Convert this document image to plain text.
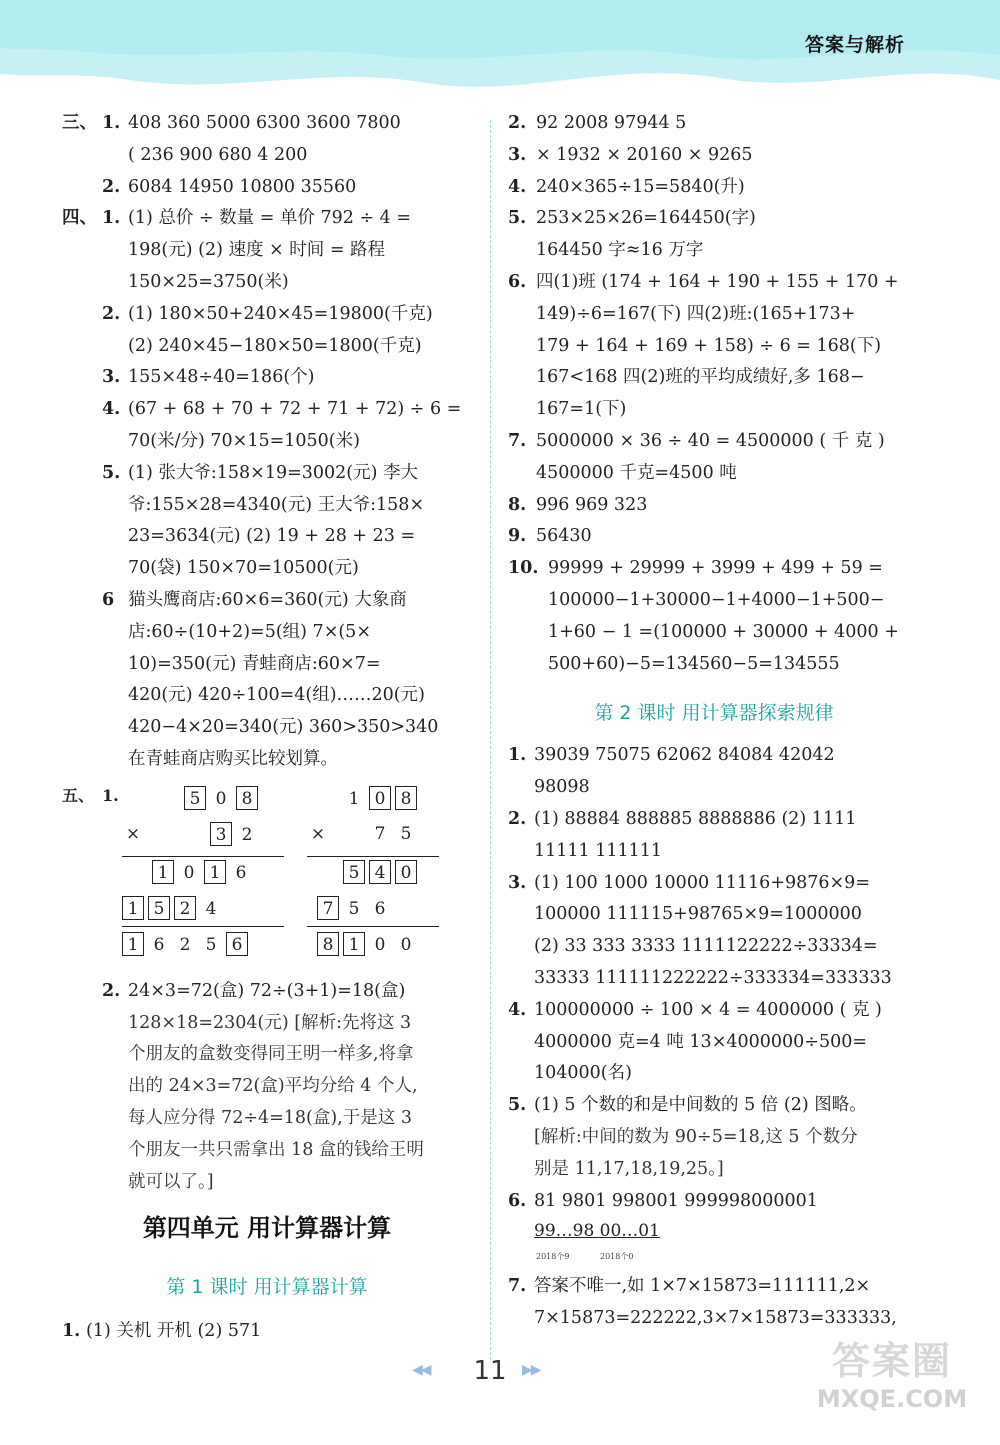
答案与解析
三、 1. 408 360 5000 6300 3600 7800
( 236 900 680 4 200
2. 6084 14950 10800 35560
四、 1. (1) 总价 ÷ 数量 = 单价 792 ÷ 4 =
198(元) (2) 速度 × 时间 = 路程
150×25=3750(米)
2. (1) 180×50+240×45=19800(千克)
(2) 240×45−180×50=1800(千克)
3. 155×48÷40=186(个)
4. (67 + 68 + 70 + 72 + 71 + 72) ÷ 6 =
70(米/分) 70×15=1050(米)
5. (1) 张大爷:158×19=3002(元) 李大
爷:155×28=4340(元) 王大爷:158×
23=3634(元) (2) 19 + 28 + 23 =
70(袋) 150×70=10500(元)
6 猫头鹰商店:60×6=360(元) 大象商
店:60÷(10+2)=5(组) 7×(5×
10)=350(元) 青蛙商店:60×7=
420(元) 420÷100=4(组)……20(元)
420−4×20=340(元) 360>350>340
在青蛙商店购买比较划算。
五、 1.	5 0 8
×	3 2
1 0 1 6
1 5 2 4
1 6 2 5 6
1 0 8
×	7 5
5 4 0
7 5 6
8 1 0 0
2. 24×3=72(盒) 72÷(3+1)=18(盒)
128×18=2304(元) [解析:先将这 3
个朋友的盒数变得同王明一样多,将拿
出的 24×3=72(盒)平均分给 4 个人,
每人应分得 72÷4=18(盒),于是这 3
个朋友一共只需拿出 18 盒的钱给王明
就可以了。]
第四单元 用计算器计算
第 1 课时 用计算器计算
1. (1) 关机 开机 (2) 571
2. 92 2008 97944 5
3. × 1932 × 20160 × 9265
4. 240×365÷15=5840(升)
5. 253×25×26=164450(字)
164450 字≈16 万字
6. 四(1)班 (174 + 164 + 190 + 155 + 170 +
149)÷6=167(下) 四(2)班:(165+173+
179 + 164 + 169 + 158) ÷ 6 = 168(下)
167<168 四(2)班的平均成绩好,多 168−
167=1(下)
7. 5000000 × 36 ÷ 40 = 4500000 ( 千 克 )
4500000 千克=4500 吨
8. 996 969 323
9. 56430
10. 99999 + 29999 + 3999 + 499 + 59 =
100000−1+30000−1+4000−1+500−
1+60 − 1 =(100000 + 30000 + 4000 +
500+60)−5=134560−5=134555
第 2 课时 用计算器探索规律
1. 39039 75075 62062 84084 42042
98098
2. (1) 88884 888885 8888886 (2) 1111
11111 111111
3. (1) 100 1000 10000 11116+9876×9=
100000 111115+98765×9=1000000
(2) 33 333 3333 1111122222÷33334=
33333 111111222222÷333334=333333
4. 100000000 ÷ 100 × 4 = 4000000 ( 克 )
4000000 克=4 吨 13×4000000÷500=
104000(名)
5. (1) 5 个数的和是中间数的 5 倍 (2) 图略。
[解析:中间的数为 90÷5=18,这 5 个数分
别是 11,17,18,19,25。]
6. 81 9801 998001 999998000001
99…98 00…01
2018个9	2018个0
7. 答案不唯一,如 1×7×15873=111111,2×
7×15873=222222,3×7×15873=333333,
◀◀	11	▶▶	答案圈
MXQE.COM
